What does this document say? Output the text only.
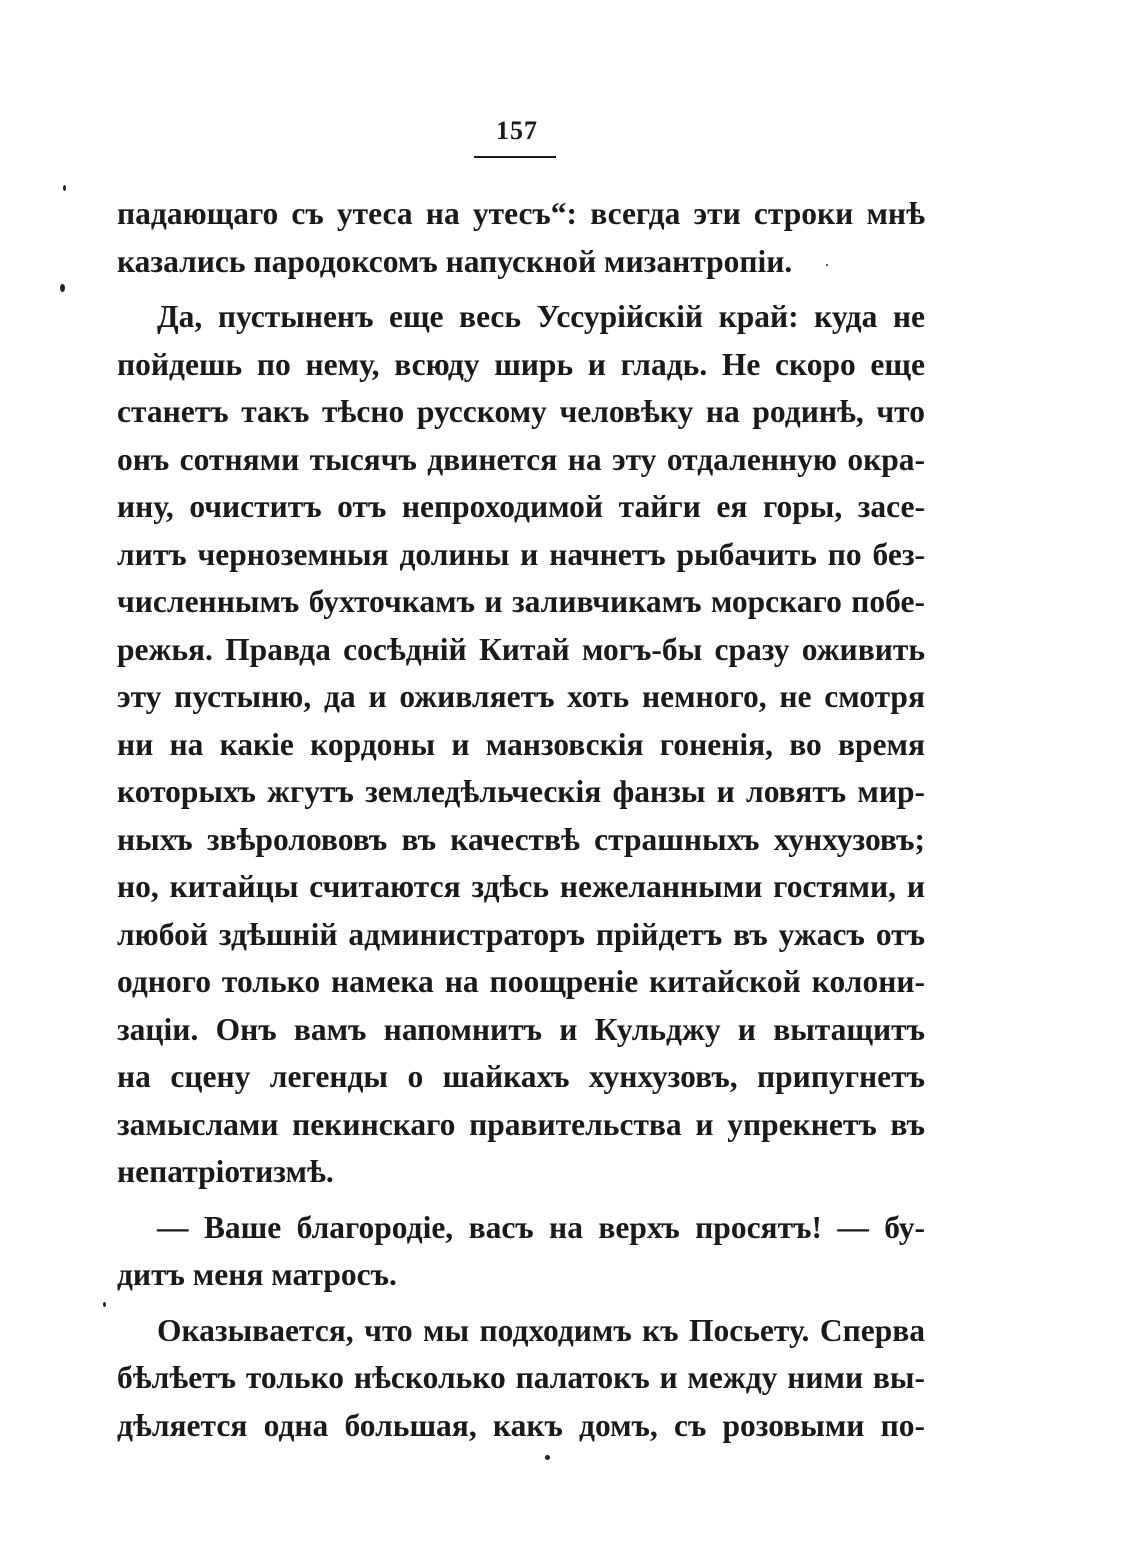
157
падающаго съ утеса на утесъ“: всегда эти строки мнѣ
казались пародоксомъ напускной мизантропіи.
Да, пустыненъ еще весь Уссурійскій край: куда не
пойдешь по нему, всюду ширь и гладь. Не скоро еще
станетъ такъ тѣсно русскому человѣку на родинѣ, что
онъ сотнями тысячъ двинется на эту отдаленную окра-
ину, очиститъ отъ непроходимой тайги ея горы, засе-
литъ черноземныя долины и начнетъ рыбачить по без-
численнымъ бухточкамъ и заливчикамъ морскаго побе-
режья. Правда сосѣдній Китай могъ-бы сразу оживить
эту пустыню, да и оживляетъ хоть немного, не смотря
ни на какіе кордоны и манзовскія гоненія, во время
которыхъ жгутъ земледѣльческія фанзы и ловятъ мир-
ныхъ звѣролововъ въ качествѣ страшныхъ хунхузовъ;
но, китайцы считаются здѣсь нежеланными гостями, и
любой здѣшній администраторъ прійдетъ въ ужасъ отъ
одного только намека на поощреніе китайской колони-
заціи. Онъ вамъ напомнитъ и Кульджу и вытащитъ
на сцену легенды о шайкахъ хунхузовъ, припугнетъ
замыслами пекинскаго правительства и упрекнетъ въ
непатріотизмѣ.
— Ваше благородіе, васъ на верхъ просятъ! — бу-
дитъ меня матросъ.
Оказывается, что мы подходимъ къ Посьету. Сперва
бѣлѣетъ только нѣсколько палатокъ и между ними вы-
дѣляется одна большая, какъ домъ, съ розовыми по-
